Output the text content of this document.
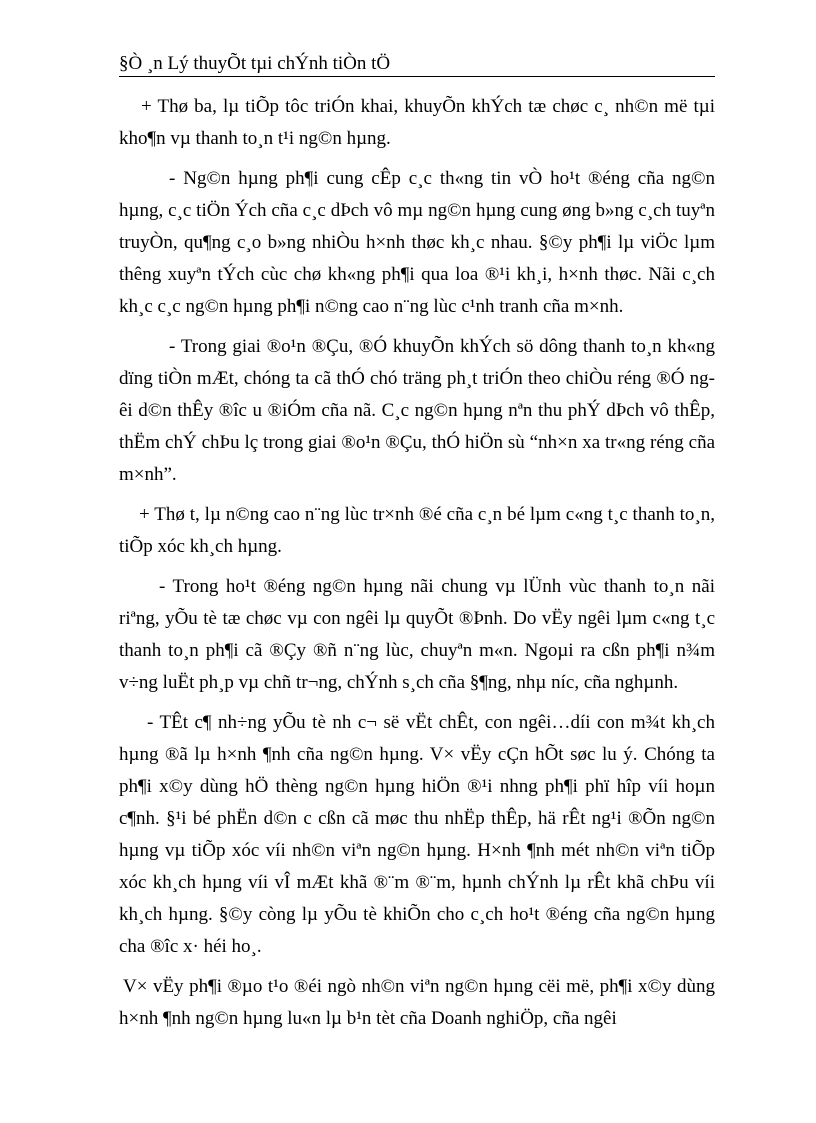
§Ò ¸n Lý thuyÕt tµi chÝnh tiÒn tÖ

+ Thø ba, lµ tiÕp tôc triÓn khai, khuyÕn khÝch tæ chøc c¸ nh©n më tµi kho¶n vµ thanh to¸n t¹i ng©n hµng.

- Ng©n hµng ph¶i cung cÊp c¸c th«ng tin vÒ ho¹t ®éng cña ng©n hµng, c¸c tiÖn Ých cña c¸c dÞch vô mµ ng©n hµng cung øng b»ng c¸ch tuyªn truyÒn, qu¶ng c¸o b»ng nhiÒu h×nh thøc kh¸c nhau. §©y ph¶i lµ viÖc lµm thêng xuyªn tÝch cùc chø kh«ng ph¶i qua loa ®¹i kh¸i, h×nh thøc. Nãi c¸ch kh¸c c¸c ng©n hµng ph¶i n©ng cao n¨ng lùc c¹nh tranh cña m×nh.

- Trong giai ®o¹n ®Çu, ®Ó khuyÕn khÝch sö dông thanh to¸n kh«ng dïng tiÒn mÆt, chóng ta cã thÓ chó träng ph¸t triÓn theo chiÒu réng ®Ó ngêi d©n thÊy ®îc u ®iÓm cña nã. C¸c ng©n hµng nªn thu phÝ dÞch vô thÊp, thËm chÝ chÞu lç trong giai ®o¹n ®Çu, thÓ hiÖn sù “nh×n xa tr«ng réng cña m×nh”.

+ Thø t, lµ n©ng cao n¨ng lùc tr×nh ®é cña c¸n bé lµm c«ng t¸c thanh to¸n, tiÕp xóc kh¸ch hµng.

- Trong ho¹t ®éng ng©n hµng nãi chung vµ lÜnh vùc thanh to¸n nãi riªng, yÕu tè tæ chøc vµ con ngêi lµ quyÕt ®Þnh. Do vËy ngêi lµm c«ng t¸c thanh to¸n ph¶i cã ®Çy ®ñ n¨ng lùc, chuyªn m«n. Ngoµi ra cßn ph¶i n¾m v÷ng luËt ph¸p vµ chñ tr¬ng, chÝnh s¸ch cña §¶ng, nhµ níc, cña nghµnh.

- TÊt c¶ nh÷ng yÕu tè nh c¬ së vËt chÊt, con ngêi…díi con m¾t kh¸ch hµng ®ã lµ h×nh ¶nh cña ng©n hµng. V× vËy cÇn hÕt søc lu ý. Chóng ta ph¶i x©y dùng hÖ thèng ng©n hµng hiÖn ®¹i nhng ph¶i phï hîp víi hoµn c¶nh. §¹i bé phËn d©n c cßn cã møc thu nhËp thÊp, hä rÊt ng¹i ®Õn ng©n hµng vµ tiÕp xóc víi nh©n viªn ng©n hµng. H×nh ¶nh mét nh©n viªn tiÕp xóc kh¸ch hµng víi vÎ mÆt khã ®¨m ®¨m, hµnh chÝnh lµ rÊt khã chÞu víi kh¸ch hµng. §©y còng lµ yÕu tè khiÕn cho c¸ch ho¹t ®éng cña ng©n hµng cha ®îc x· héi ho¸.

V× vËy ph¶i ®µo t¹o ®éi ngò nh©n viªn ng©n hµng cëi më, ph¶i x©y dùng h×nh ¶nh ng©n hµng lu«n lµ b¹n tèt cña Doanh nghiÖp, cña ngêi
